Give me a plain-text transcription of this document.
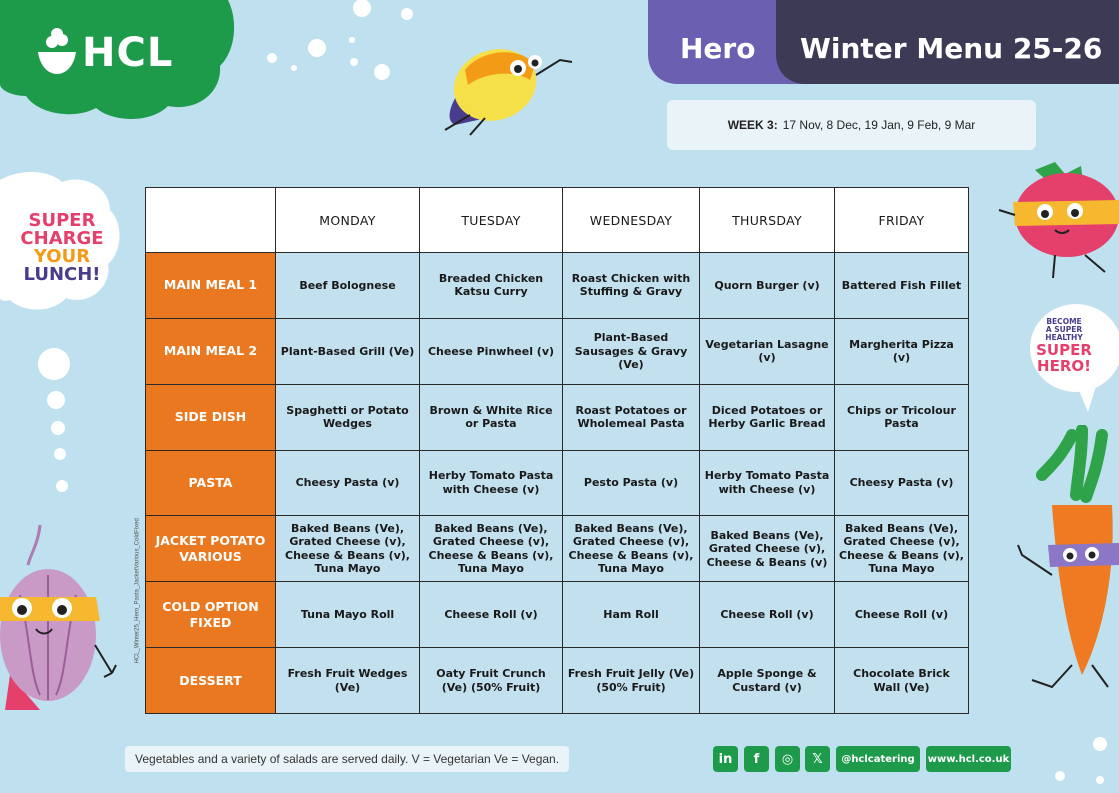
HCL	Hero Winter Menu 25-26
WEEK 3: 17 Nov, 8 Dec, 19 Jan, 9 Feb, 9 Mar
SUPER
CHARGE
YOUR
LUNCH!
HCL_Winter25_Hero_Pasta_JacketVarious_ColdFixed
BECOME
A SUPER
HEALTHY
SUPER
HERO!
	MONDAY	TUESDAY	WEDNESDAY	THURSDAY	FRIDAY
MAIN MEAL 1	Beef Bolognese	Breaded Chicken Katsu Curry	Roast Chicken with Stuffing & Gravy	Quorn Burger (v)	Battered Fish Fillet
MAIN MEAL 2	Plant-Based Grill (Ve)	Cheese Pinwheel (v)	Plant-Based Sausages & Gravy (Ve)	Vegetarian Lasagne (v)	Margherita Pizza (v)
SIDE DISH	Spaghetti or Potato Wedges	Brown & White Rice or Pasta	Roast Potatoes or Wholemeal Pasta	Diced Potatoes or Herby Garlic Bread	Chips or Tricolour Pasta
PASTA	Cheesy Pasta (v)	Herby Tomato Pasta with Cheese (v)	Pesto Pasta (v)	Herby Tomato Pasta with Cheese (v)	Cheesy Pasta (v)
JACKET POTATO VARIOUS	Baked Beans (Ve), Grated Cheese (v), Cheese & Beans (v), Tuna Mayo	Baked Beans (Ve), Grated Cheese (v), Cheese & Beans (v), Tuna Mayo	Baked Beans (Ve), Grated Cheese (v), Cheese & Beans (v), Tuna Mayo	Baked Beans (Ve), Grated Cheese (v), Cheese & Beans (v)	Baked Beans (Ve), Grated Cheese (v), Cheese & Beans (v), Tuna Mayo
COLD OPTION FIXED	Tuna Mayo Roll	Cheese Roll (v)	Ham Roll	Cheese Roll (v)	Cheese Roll (v)
DESSERT	Fresh Fruit Wedges (Ve)	Oaty Fruit Crunch (Ve) (50% Fruit)	Fresh Fruit Jelly (Ve) (50% Fruit)	Apple Sponge & Custard (v)	Chocolate Brick Wall (Ve)
Vegetables and a variety of salads are served daily. V = Vegetarian Ve = Vegan.	in	f	◎	𝕏	@hclcatering	www.hcl.co.uk
